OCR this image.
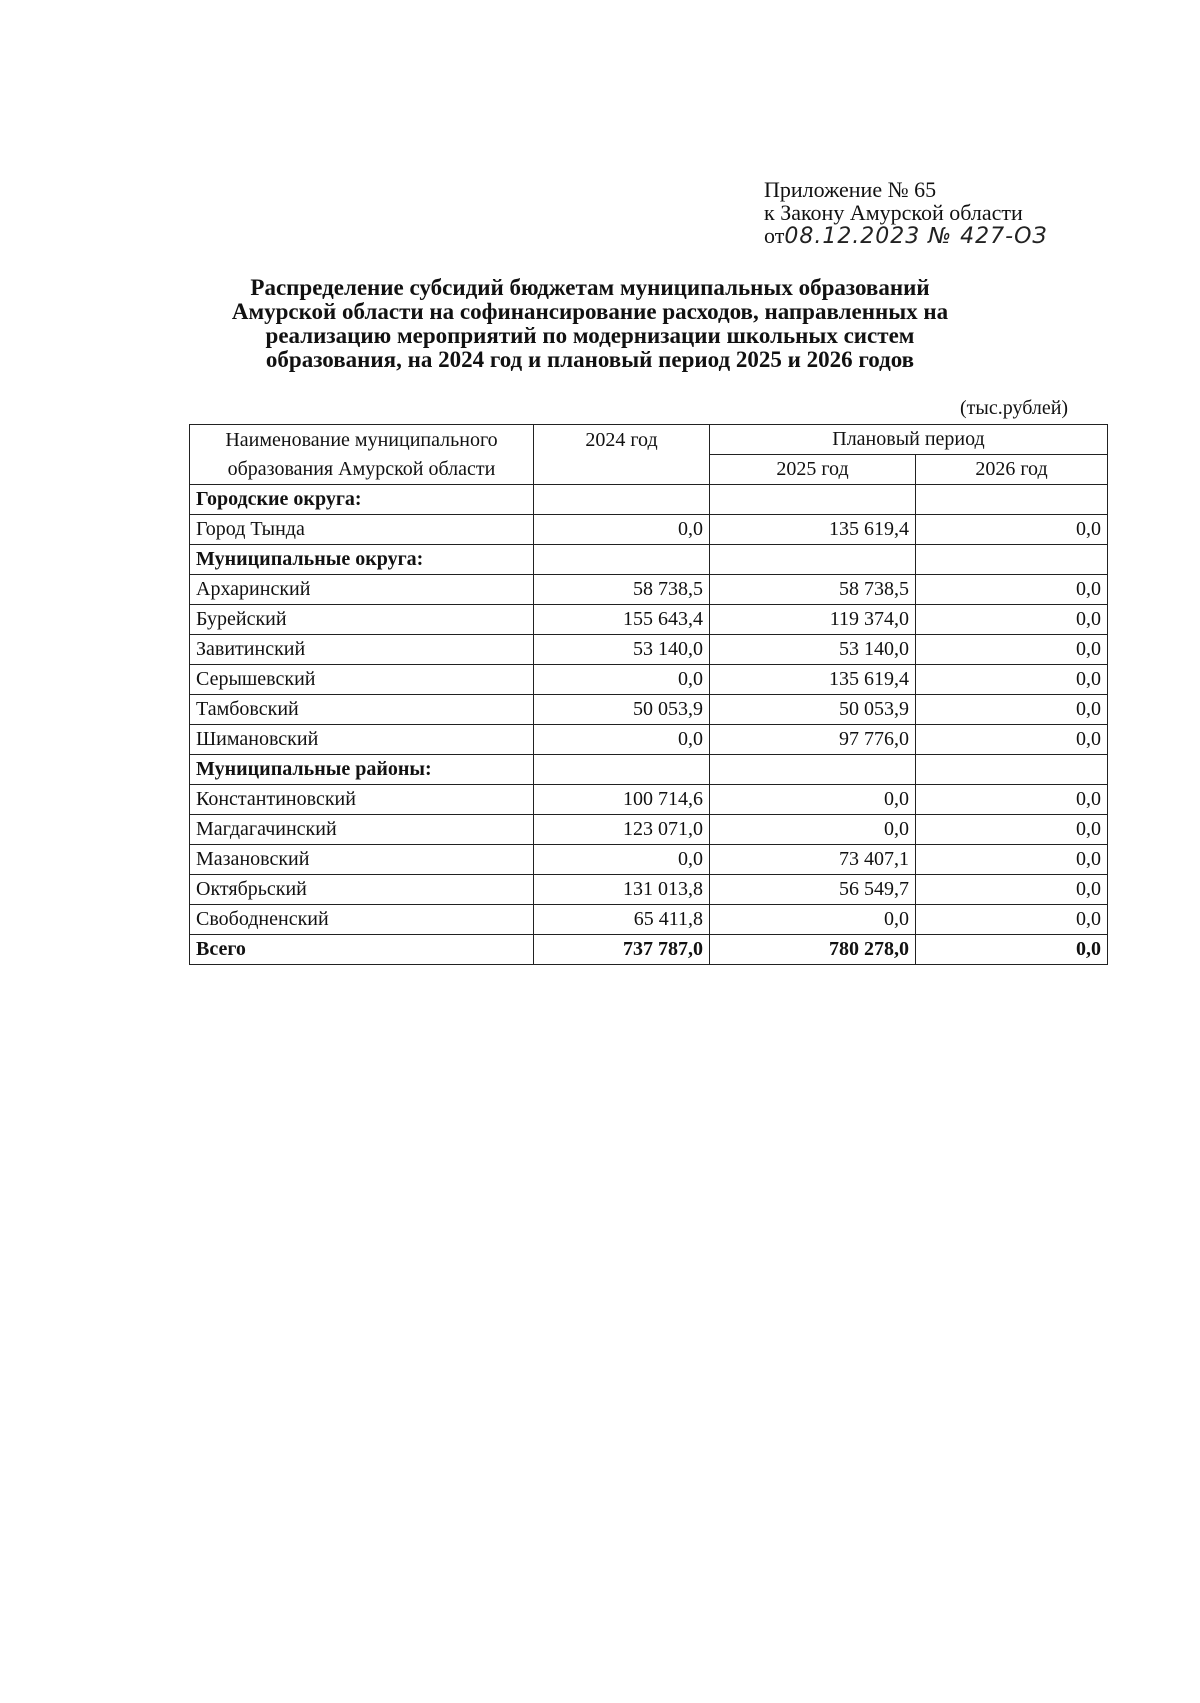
Приложение № 65
к Закону Амурской области
от08.12.2023 № 427-ОЗ
Распределение субсидий бюджетам муниципальных образований
Амурской области на софинансирование расходов, направленных на
реализацию мероприятий по модернизации школьных систем
образования, на 2024 год и плановый период 2025 и 2026 годов
(тыс.рублей)
Наименование муниципального
образования Амурской области	2024 год	Плановый период	
		2025 год	2026 год
Городские округа:			
Город Тында	0,0	135 619,4	0,0
Муниципальные округа:			
Архаринский	58 738,5	58 738,5	0,0
Бурейский	155 643,4	119 374,0	0,0
Завитинский	53 140,0	53 140,0	0,0
Серышевский	0,0	135 619,4	0,0
Тамбовский	50 053,9	50 053,9	0,0
Шимановский	0,0	97 776,0	0,0
Муниципальные районы:			
Константиновский	100 714,6	0,0	0,0
Магдагачинский	123 071,0	0,0	0,0
Мазановский	0,0	73 407,1	0,0
Октябрьский	131 013,8	56 549,7	0,0
Свободненский	65 411,8	0,0	0,0
Всего	737 787,0	780 278,0	0,0
